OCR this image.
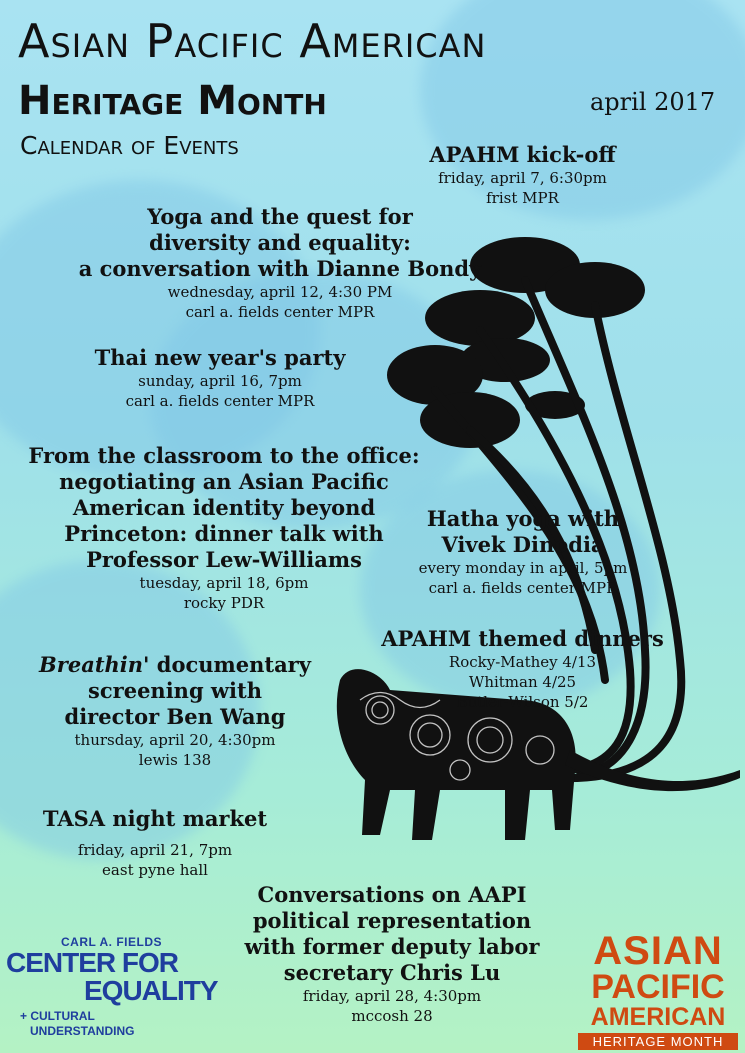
Asian Pacific American
Heritage Month
Calendar of Events
april 2017
APAHM kick-off
friday, april 7, 6:30pm
frist MPR
Yoga and the quest for
diversity and equality:
a conversation with Dianne Bondy
wednesday, april 12, 4:30 PM
carl a. fields center MPR
Thai new year's party
sunday, april 16, 7pm
carl a. fields center MPR
From the classroom to the office:
negotiating an Asian Pacific
American identity beyond
Princeton: dinner talk with
Professor Lew-Williams
tuesday, april 18, 6pm
rocky PDR
Hatha yoga with
Vivek Dinodia
every monday in april, 5pm
carl a. fields center MPR
APAHM themed dinners
Rocky-Mathey 4/13
Whitman 4/25
Butler-Wilson 5/2
Breathin' documentary
screening with
director Ben Wang
thursday, april 20, 4:30pm
lewis 138
TASA night market
friday, april 21, 7pm
east pyne hall
Conversations on AAPI
political representation
with former deputy labor
secretary Chris Lu
friday, april 28, 4:30pm
mccosh 28
CARL A. FIELDS
CENTER FOR
EQUALITY
+ CULTURAL
UNDERSTANDING
ASIAN
PACIFIC
AMERICAN
HERITAGE MONTH
